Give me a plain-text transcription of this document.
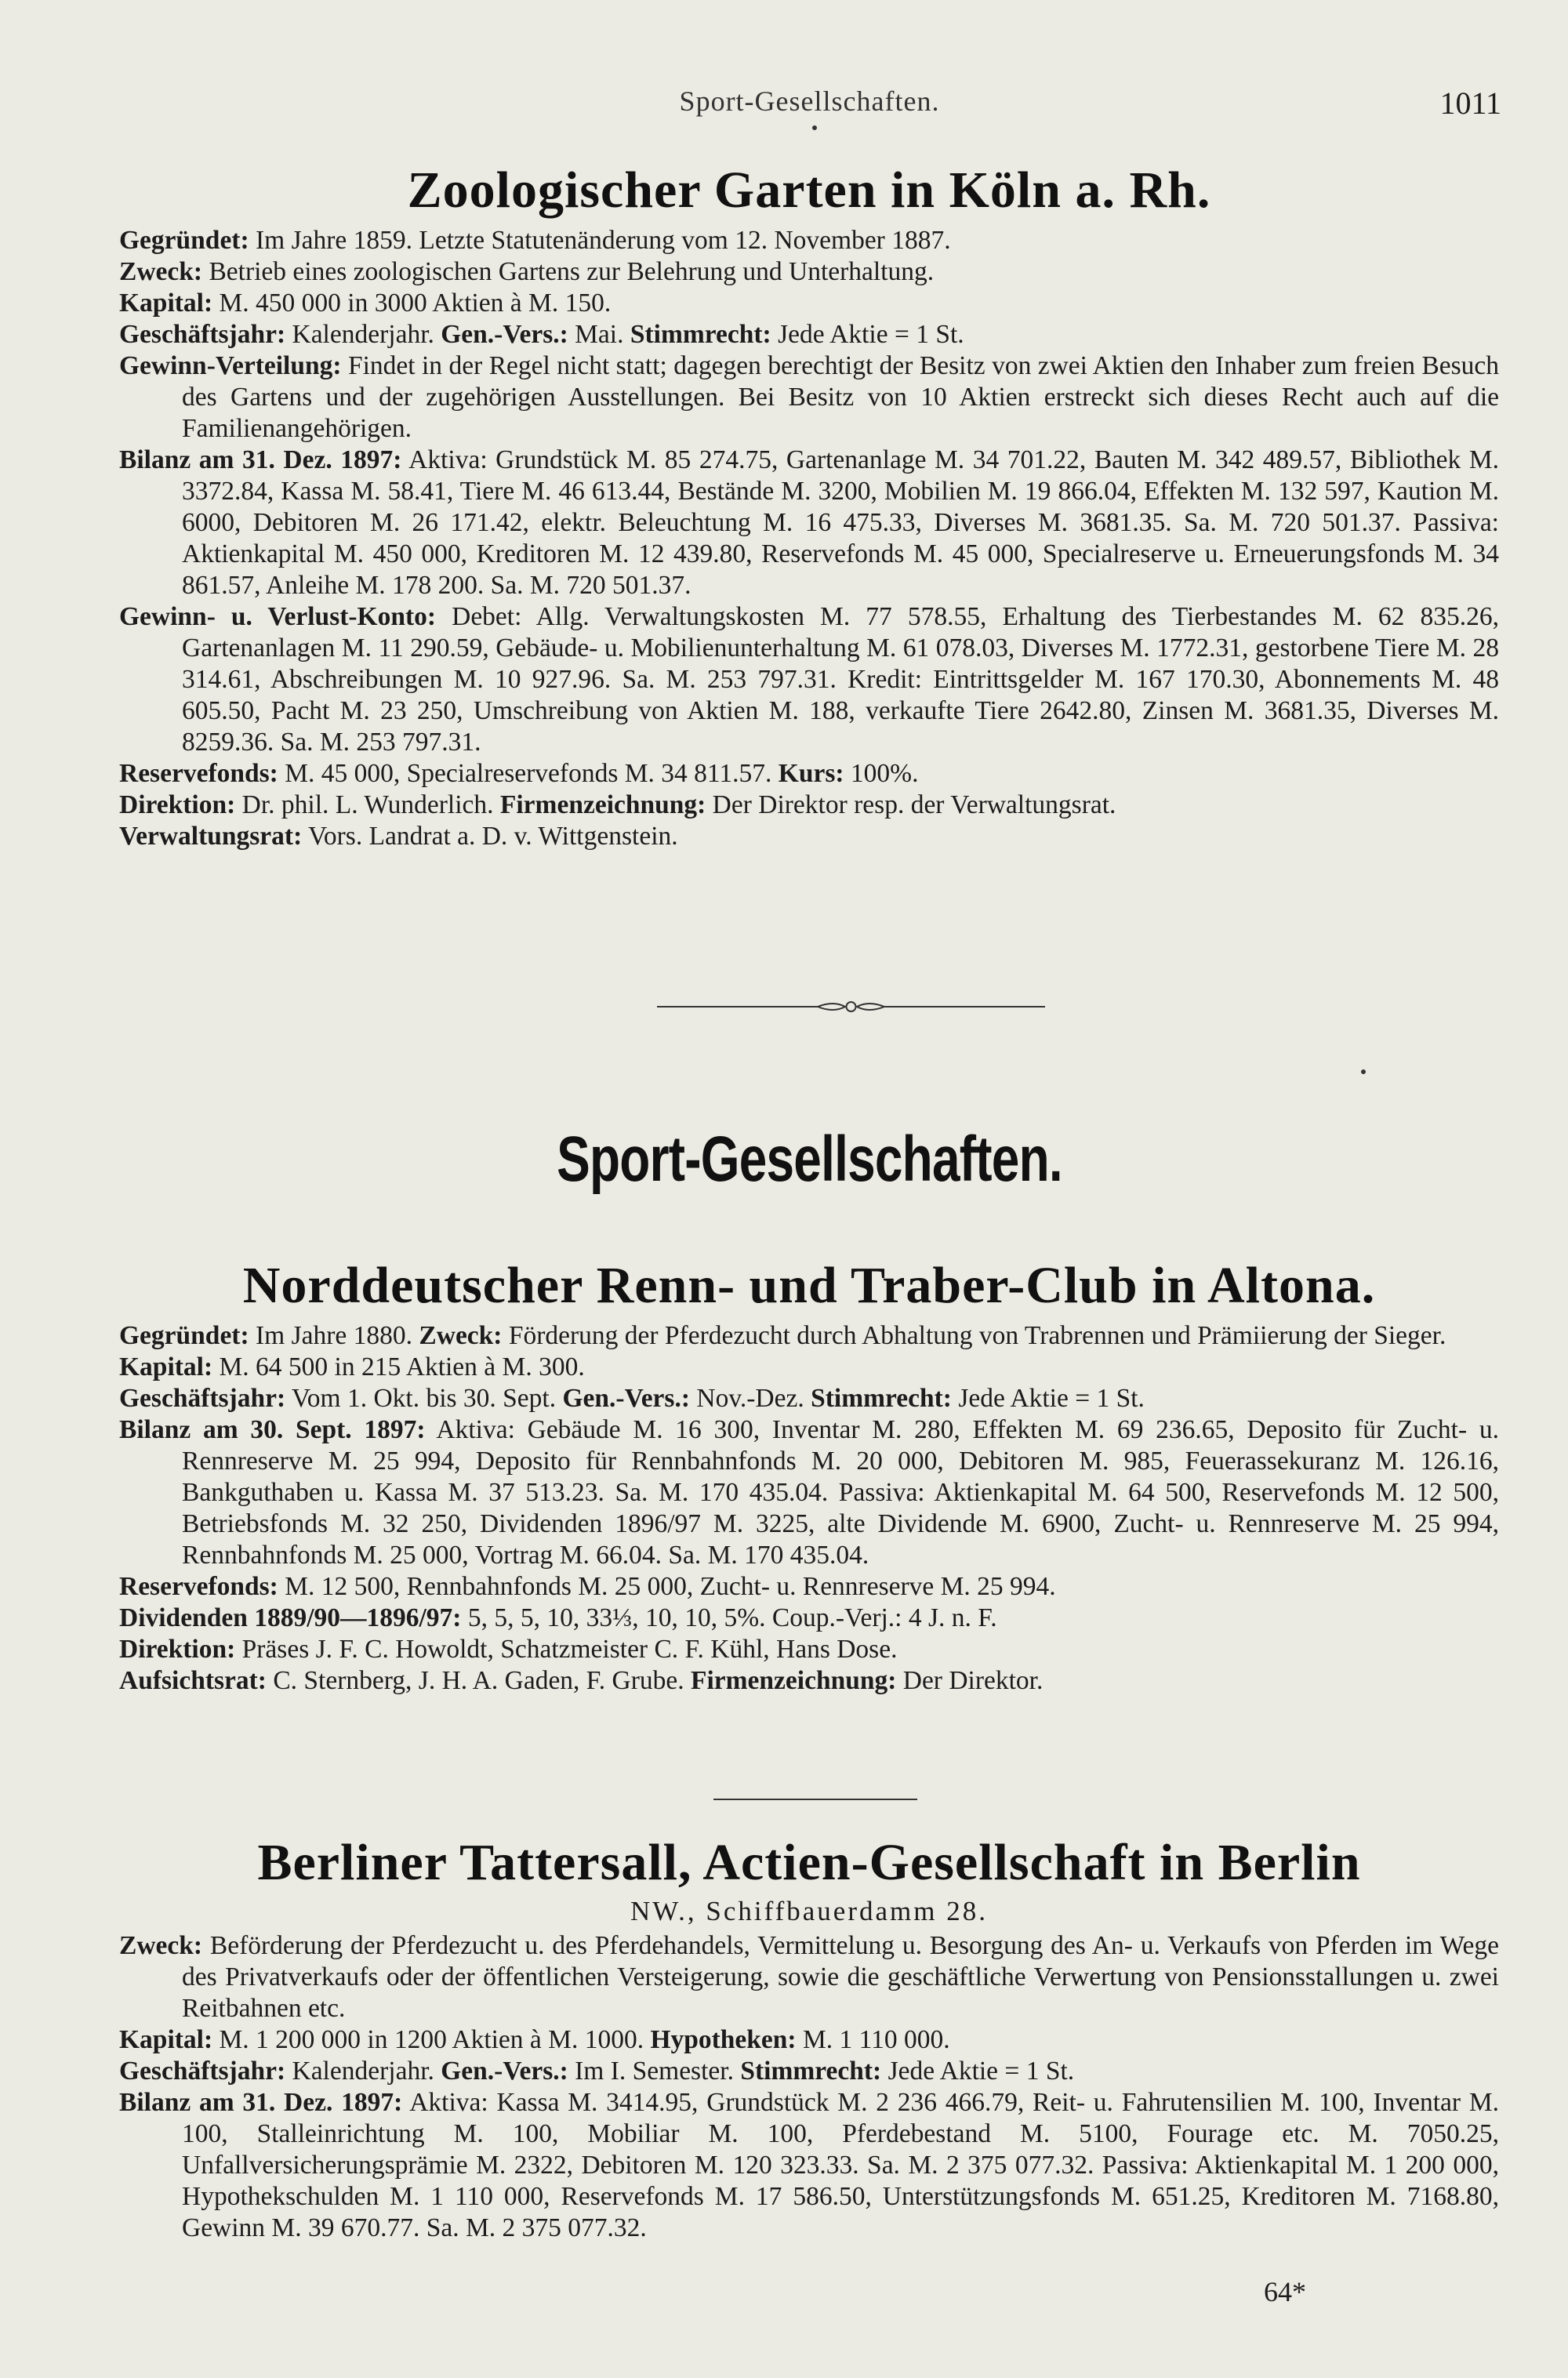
Sport-Gesellschaften.	1011
Zoologischer Garten in Köln a. Rh.

Gegründet: Im Jahre 1859. Letzte Statutenänderung vom 12. November 1887.

Zweck: Betrieb eines zoologischen Gartens zur Belehrung und Unterhaltung.

Kapital: M. 450 000 in 3000 Aktien à M. 150.

Geschäftsjahr: Kalenderjahr. Gen.-Vers.: Mai. Stimmrecht: Jede Aktie = 1 St.

Gewinn-Verteilung: Findet in der Regel nicht statt; dagegen berechtigt der Besitz von zwei Aktien den Inhaber zum freien Besuch des Gartens und der zugehörigen Ausstellungen. Bei Besitz von 10 Aktien erstreckt sich dieses Recht auch auf die Familienangehörigen.

Bilanz am 31. Dez. 1897: Aktiva: Grundstück M. 85 274.75, Gartenanlage M. 34 701.22, Bauten M. 342 489.57, Bibliothek M. 3372.84, Kassa M. 58.41, Tiere M. 46 613.44, Bestände M. 3200, Mobilien M. 19 866.04, Effekten M. 132 597, Kaution M. 6000, Debitoren M. 26 171.42, elektr. Beleuchtung M. 16 475.33, Diverses M. 3681.35. Sa. M. 720 501.37. Passiva: Aktienkapital M. 450 000, Kreditoren M. 12 439.80, Reservefonds M. 45 000, Specialreserve u. Erneuerungsfonds M. 34 861.57, Anleihe M. 178 200. Sa. M. 720 501.37.

Gewinn- u. Verlust-Konto: Debet: Allg. Verwaltungskosten M. 77 578.55, Erhaltung des Tierbestandes M. 62 835.26, Gartenanlagen M. 11 290.59, Gebäude- u. Mobilienunterhaltung M. 61 078.03, Diverses M. 1772.31, gestorbene Tiere M. 28 314.61, Abschreibungen M. 10 927.96. Sa. M. 253 797.31. Kredit: Eintrittsgelder M. 167 170.30, Abonnements M. 48 605.50, Pacht M. 23 250, Umschreibung von Aktien M. 188, verkaufte Tiere 2642.80, Zinsen M. 3681.35, Diverses M. 8259.36. Sa. M. 253 797.31.

Reservefonds: M. 45 000, Specialreservefonds M. 34 811.57. Kurs: 100%.

Direktion: Dr. phil. L. Wunderlich. Firmenzeichnung: Der Direktor resp. der Verwaltungsrat.

Verwaltungsrat: Vors. Landrat a. D. v. Wittgenstein.

Sport-Gesellschaften.
Norddeutscher Renn- und Traber-Club in Altona.

Gegründet: Im Jahre 1880. Zweck: Förderung der Pferdezucht durch Abhaltung von Trabrennen und Prämiierung der Sieger.

Kapital: M. 64 500 in 215 Aktien à M. 300.

Geschäftsjahr: Vom 1. Okt. bis 30. Sept. Gen.-Vers.: Nov.-Dez. Stimmrecht: Jede Aktie = 1 St.

Bilanz am 30. Sept. 1897: Aktiva: Gebäude M. 16 300, Inventar M. 280, Effekten M. 69 236.65, Deposito für Zucht- u. Rennreserve M. 25 994, Deposito für Rennbahnfonds M. 20 000, Debitoren M. 985, Feuerassekuranz M. 126.16, Bankguthaben u. Kassa M. 37 513.23. Sa. M. 170 435.04. Passiva: Aktienkapital M. 64 500, Reservefonds M. 12 500, Betriebsfonds M. 32 250, Dividenden 1896/97 M. 3225, alte Dividende M. 6900, Zucht- u. Rennreserve M. 25 994, Rennbahnfonds M. 25 000, Vortrag M. 66.04. Sa. M. 170 435.04.

Reservefonds: M. 12 500, Rennbahnfonds M. 25 000, Zucht- u. Rennreserve M. 25 994.

Dividenden 1889/90—1896/97: 5, 5, 5, 10, 33⅓, 10, 10, 5%. Coup.-Verj.: 4 J. n. F.

Direktion: Präses J. F. C. Howoldt, Schatzmeister C. F. Kühl, Hans Dose.

Aufsichtsrat: C. Sternberg, J. H. A. Gaden, F. Grube. Firmenzeichnung: Der Direktor.

Berliner Tattersall, Actien-Gesellschaft in Berlin
NW., Schiffbauerdamm 28.

Zweck: Beförderung der Pferdezucht u. des Pferdehandels, Vermittelung u. Besorgung des An- u. Verkaufs von Pferden im Wege des Privatverkaufs oder der öffentlichen Versteigerung, sowie die geschäftliche Verwertung von Pensionsstallungen u. zwei Reitbahnen etc.

Kapital: M. 1 200 000 in 1200 Aktien à M. 1000. Hypotheken: M. 1 110 000.

Geschäftsjahr: Kalenderjahr. Gen.-Vers.: Im I. Semester. Stimmrecht: Jede Aktie = 1 St.

Bilanz am 31. Dez. 1897: Aktiva: Kassa M. 3414.95, Grundstück M. 2 236 466.79, Reit- u. Fahrutensilien M. 100, Inventar M. 100, Stalleinrichtung M. 100, Mobiliar M. 100, Pferdebestand M. 5100, Fourage etc. M. 7050.25, Unfallversicherungsprämie M. 2322, Debitoren M. 120 323.33. Sa. M. 2 375 077.32. Passiva: Aktienkapital M. 1 200 000, Hypothekschulden M. 1 110 000, Reservefonds M. 17 586.50, Unterstützungsfonds M. 651.25, Kreditoren M. 7168.80, Gewinn M. 39 670.77. Sa. M. 2 375 077.32.

64*
